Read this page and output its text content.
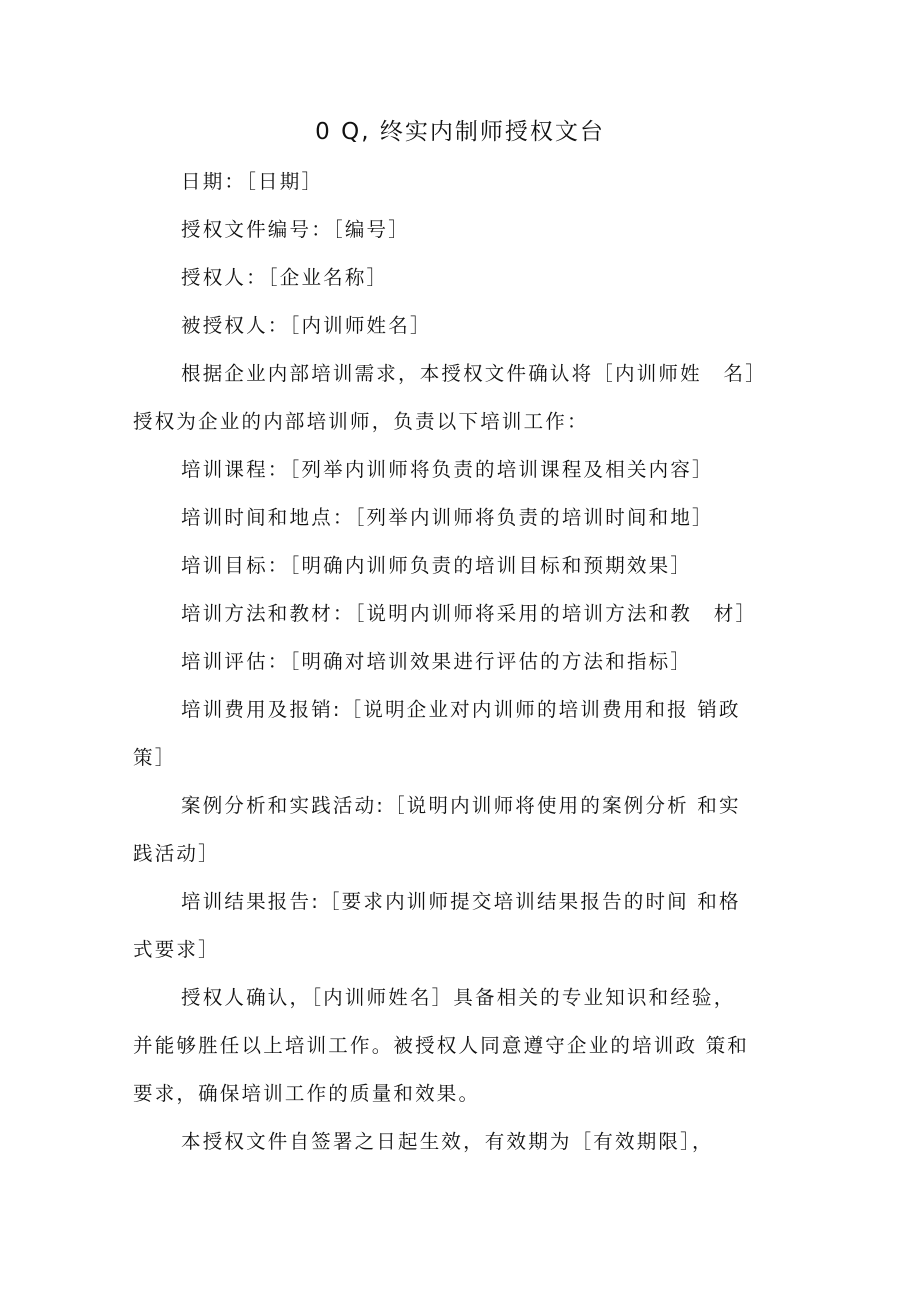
0 Q, 终实内制师授权文台
日期：［日期］
授权文件编号：［编号］
授权人：［企业名称］
被授权人：［内训师姓名］
根据企业内部培训需求，本授权文件确认将［内训师姓　名］
授权为企业的内部培训师，负责以下培训工作：
培训课程：［列举内训师将负责的培训课程及相关内容］
培训时间和地点：［列举内训师将负责的培训时间和地］
培训目标：［明确内训师负责的培训目标和预期效果］
培训方法和教材：［说明内训师将采用的培训方法和教　材］
培训评估：［明确对培训效果进行评估的方法和指标］
培训费用及报销:［说明企业对内训师的培训费用和报 销政
策］
案例分析和实践活动:［说明内训师将使用的案例分析 和实
践活动］
培训结果报告:［要求内训师提交培训结果报告的时间 和格
式要求］
授权人确认，［内训师姓名］具备相关的专业知识和经验，
并能够胜任以上培训工作。被授权人同意遵守企业的培训政 策和
要求，确保培训工作的质量和效果。
本授权文件自签署之日起生效，有效期为［有效期限］，
